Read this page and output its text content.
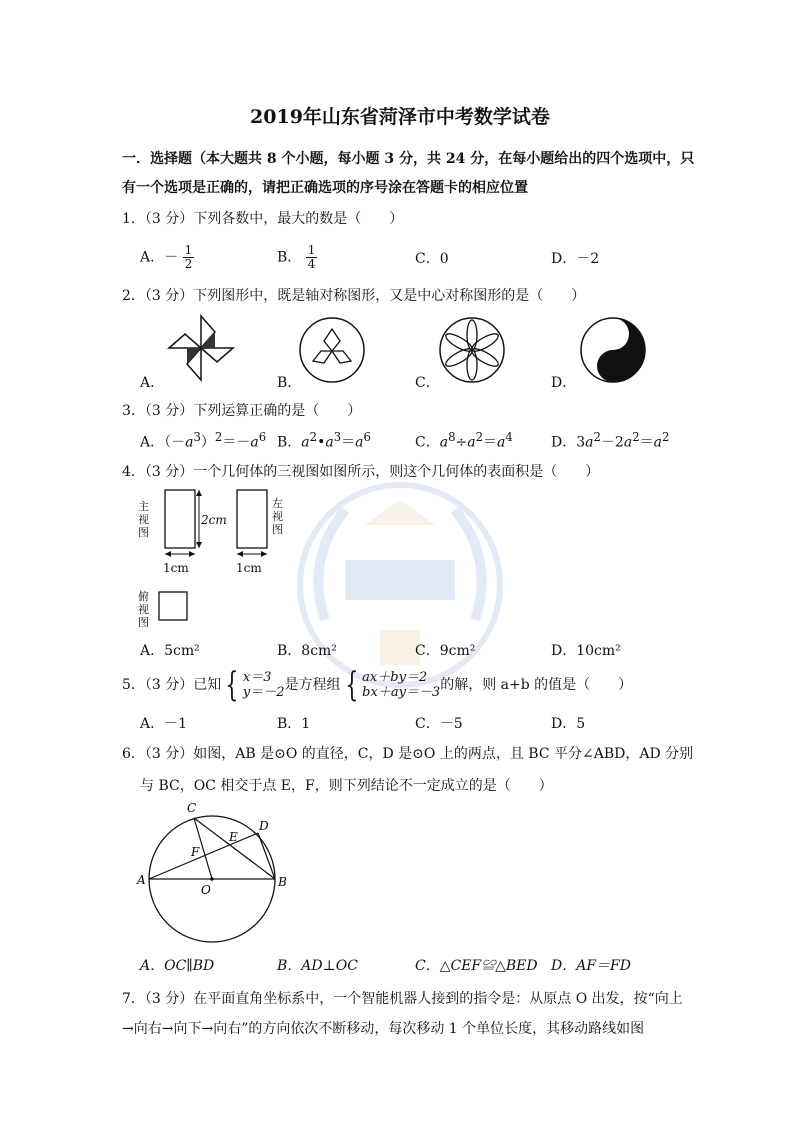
2019年山东省菏泽市中考数学试卷
一．选择题（本大题共 8 个小题，每小题 3 分，共 24 分，在每小题给出的四个选项中，只
有一个选项是正确的，请把正确选项的序号涂在答题卡的相应位置
1．（3 分）下列各数中，最大的数是（　　）
A．－ $\frac{1}{2}$	B． $\frac{1}{4}$	C．0	D．－2
2．（3 分）下列图形中，既是轴对称图形，又是中心对称图形的是（　　）
A．	B．	C．	D．
3．（3 分）下列运算正确的是（　　）
A．$(-a^3)^2=-a^6$ B．$a^2•a^3=a^6$	C．$a^8\div a^2=a^4$	D．$3a^2-2a^2=a^2$
4．（3 分）一个几何体的三视图如图所示，则这个几何体的表面积是（　　）
主视图
左视图
俯视图
2cm
1cm	1cm
A．5cm²	B．8cm²	C．9cm²	D．10cm²
5．（3 分）已知 { x＝3
y＝－2是方程组 { ax＋by＝2
bx＋ay＝－3的解，则 a+b 的值是（　　）
A．－1	B．1	C．－5	D．5
6．（3 分）如图，AB 是⊙O 的直径，C，D 是⊙O 上的两点，且 BC 平分∠ABD，AD 分别
与 BC，OC 相交于点 E，F，则下列结论不一定成立的是（　　）
A	B
C
D
E
F
O
A．OC∥BD	B．AD⊥OC	C．△CEF≌△BED D．AF＝FD
7．（3 分）在平面直角坐标系中，一个智能机器人接到的指令是：从原点 O 出发，按“向上
→向右→向下→向右”的方向依次不断移动，每次移动 1 个单位长度，其移动路线如图
